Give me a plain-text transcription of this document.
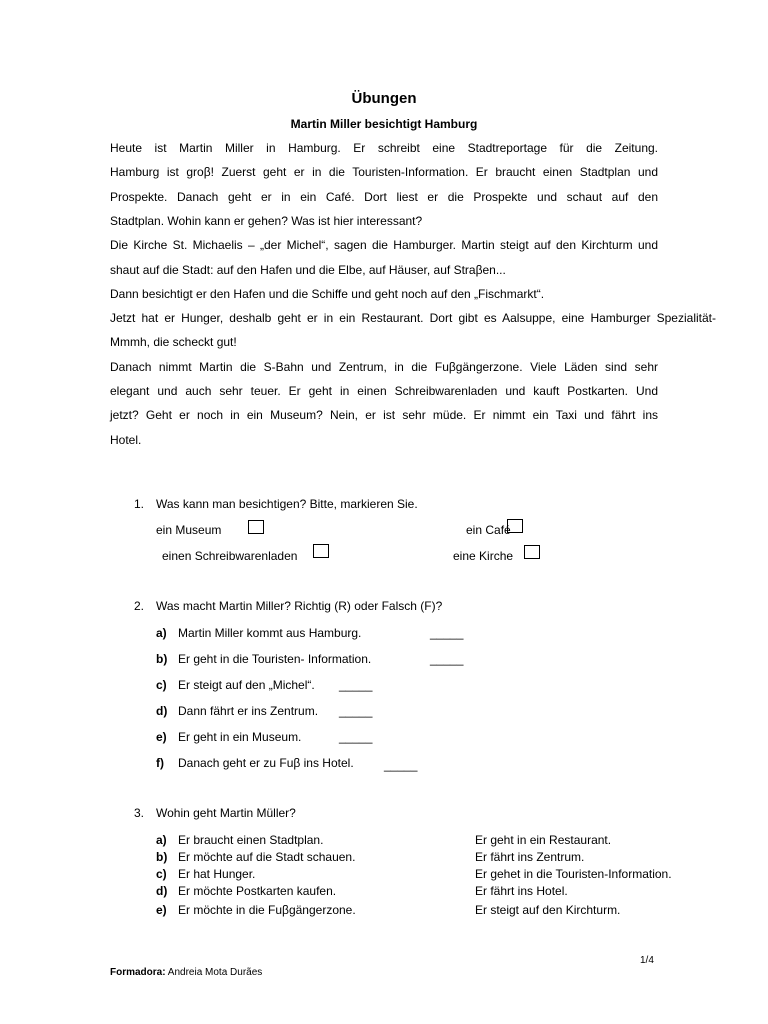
Übungen
Martin Miller besichtigt Hamburg
Heute ist Martin Miller in Hamburg. Er schreibt eine Stadtreportage für die Zeitung.
Hamburg ist groβ! Zuerst geht er in die Touristen-Information. Er braucht einen Stadtplan und
Prospekte. Danach geht er in ein Café. Dort liest er die Prospekte und schaut auf den
Stadtplan. Wohin kann er gehen? Was ist hier interessant?
Die Kirche St. Michaelis – „der Michel“, sagen die Hamburger. Martin steigt auf den Kirchturm und
shaut auf die Stadt: auf den Hafen und die Elbe, auf Häuser, auf Straβen...
Dann besichtigt er den Hafen und die Schiffe und geht noch auf den „Fischmarkt“.
Jetzt hat er Hunger, deshalb geht er in ein Restaurant. Dort gibt es Aalsuppe, eine Hamburger Spezialität-
Mmmh, die scheckt gut!
Danach nimmt Martin die S-Bahn und Zentrum, in die Fuβgängerzone. Viele Läden sind sehr
elegant und auch sehr teuer. Er geht in einen Schreibwarenladen und kauft Postkarten. Und
jetzt? Geht er noch in ein Museum? Nein, er ist sehr müde. Er nimmt ein Taxi und fährt ins
Hotel.
1. Was kann man besichtigen? Bitte, markieren Sie.
ein Museum	ein Café
einen Schreibwarenladen	eine Kirche
2. Was macht Martin Miller? Richtig (R) oder Falsch (F)?
a) Martin Miller kommt aus Hamburg.	_____
b) Er geht in die Touristen- Information.	_____
c) Er steigt auf den „Michel“. _____
d) Dann fährt er ins Zentrum. _____
e) Er geht in ein Museum.	_____
f) Danach geht er zu Fuβ ins Hotel.	_____
3. Wohin geht Martin Müller?
a) Er braucht einen Stadtplan.	Er geht in ein Restaurant.
b) Er möchte auf die Stadt schauen.	Er fährt ins Zentrum.
c) Er hat Hunger.	Er gehet in die Touristen-Information.
d) Er möchte Postkarten kaufen.	Er fährt ins Hotel.
e) Er möchte in die Fuβgängerzone.	Er steigt auf den Kirchturm.
1/4
Formadora: Andreia Mota Durães
